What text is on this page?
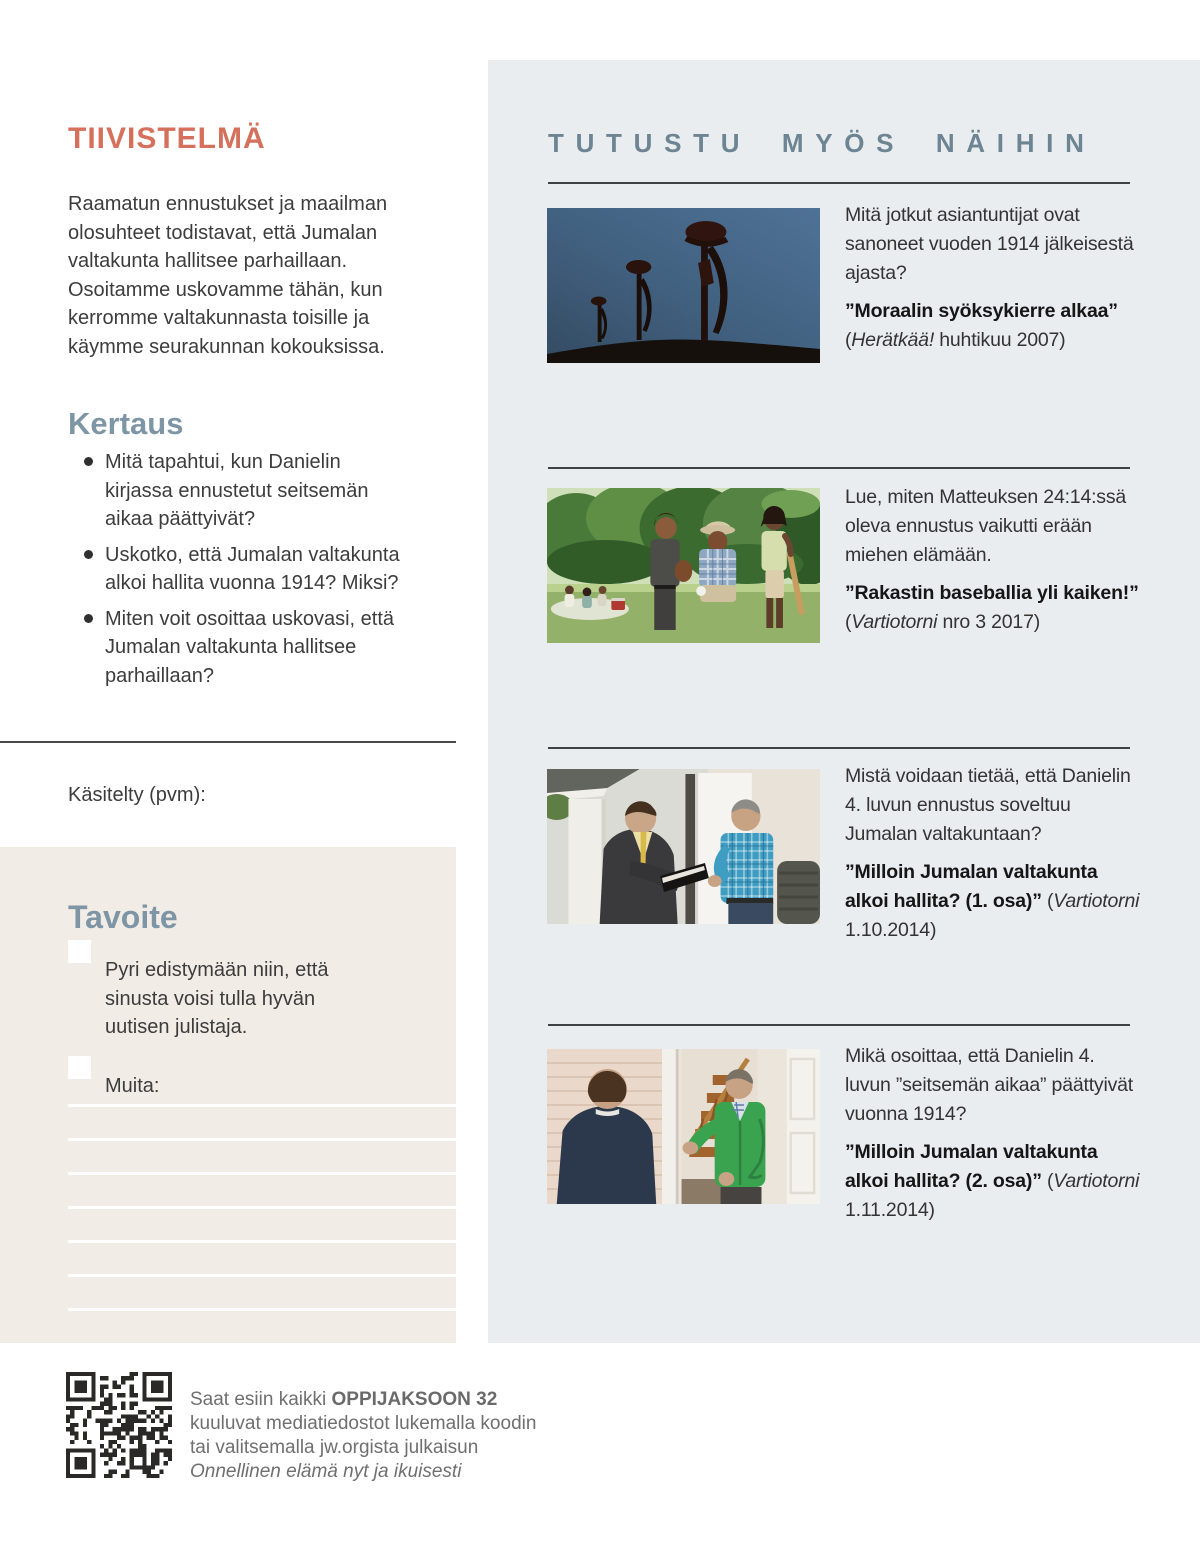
TIIVISTELMÄ

Raamatun ennustukset ja maailman olosuhteet todistavat, että Jumalan valtakunta hallitsee parhaillaan. Osoitamme uskovamme tähän, kun kerromme valtakunnasta toisille ja käymme seurakunnan kokouksissa.

Kertaus
Mitä tapahtui, kun Danielin kirjassa ennustetut seitsemän aikaa päättyivät?
Uskotko, että Jumalan valtakunta alkoi hallita vuonna 1914? Miksi?
Miten voit osoittaa uskovasi, että Jumalan valtakunta hallitsee parhaillaan?

Käsitelty (pvm):

Tavoite

Pyri edistymään niin, että sinusta voisi tulla hyvän uutisen julistaja.

Muita:

TUTUSTU MYÖS NÄIHIN

Mitä jotkut asiantuntijat ovat sanoneet vuoden 1914 jälkeisestä ajasta?

”Moraalin syöksykierre alkaa” (Herätkää! huhtikuu 2007)

Lue, miten Matteuksen 24:14:ssä oleva ennustus vaikutti erään miehen elämään.

”Rakastin baseballia yli kaiken!” (Vartiotorni nro 3 2017)

Mistä voidaan tietää, että Danielin 4. luvun ennustus soveltuu Jumalan valtakuntaan?

”Milloin Jumalan valtakunta alkoi hallita? (1. osa)” (Vartiotorni 1.10.2014)

Mikä osoittaa, että Danielin 4. luvun ”seitsemän aikaa” päättyivät vuonna 1914?

”Milloin Jumalan valtakunta alkoi hallita? (2. osa)” (Vartiotorni 1.11.2014)

Saat esiin kaikki OPPIJAKSOON 32

kuuluvat mediatiedostot lukemalla koodin

tai valitsemalla jw.orgista julkaisun

Onnellinen elämä nyt ja ikuisesti
